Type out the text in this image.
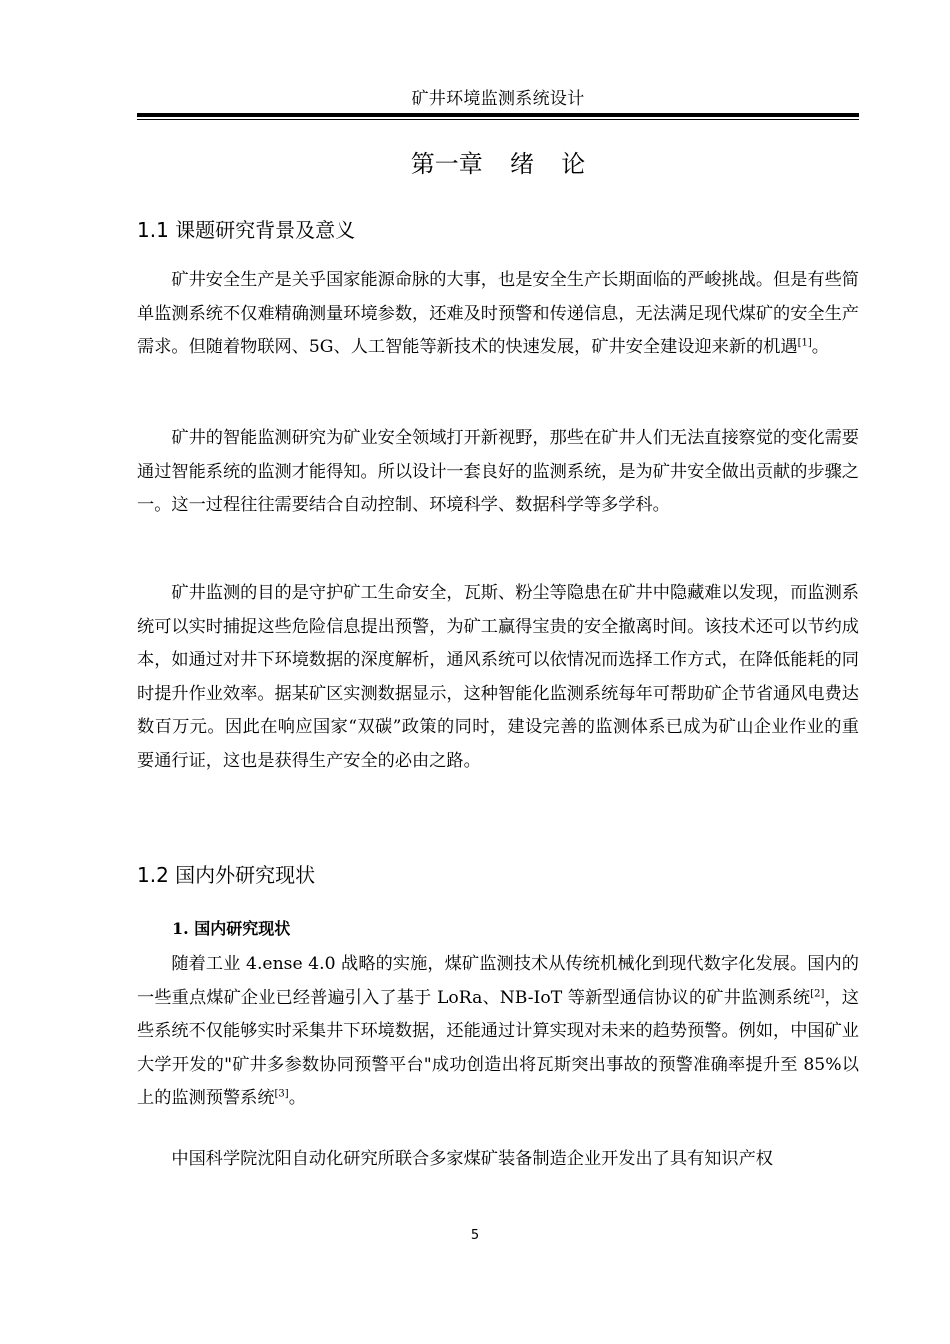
矿井环境监测系统设计
第一章  绪  论
1.1 课题研究背景及意义

矿井安全生产是关乎国家能源命脉的大事，也是安全生产长期面临的严峻挑战。但是有些简单监测系统不仅难精确测量环境参数，还难及时预警和传递信息，无法满足现代煤矿的安全生产需求。但随着物联网、5G、人工智能等新技术的快速发展，矿井安全建设迎来新的机遇[1]。

矿井的智能监测研究为矿业安全领域打开新视野，那些在矿井人们无法直接察觉的变化需要通过智能系统的监测才能得知。所以设计一套良好的监测系统，是为矿井安全做出贡献的步骤之一。这一过程往往需要结合自动控制、环境科学、数据科学等多学科。

矿井监测的目的是守护矿工生命安全，瓦斯、粉尘等隐患在矿井中隐藏难以发现，而监测系统可以实时捕捉这些危险信息提出预警，为矿工赢得宝贵的安全撤离时间。该技术还可以节约成本，如通过对井下环境数据的深度解析，通风系统可以依情况而选择工作方式，在降低能耗的同时提升作业效率。据某矿区实测数据显示，这种智能化监测系统每年可帮助矿企节省通风电费达数百万元。因此在响应国家“双碳”政策的同时，建设完善的监测体系已成为矿山企业作业的重要通行证，这也是获得生产安全的必由之路。

1.2 国内外研究现状
1. 国内研究现状

随着工业 4.ense 4.0 战略的实施，煤矿监测技术从传统机械化到现代数字化发展。国内的一些重点煤矿企业已经普遍引入了基于 LoRa、NB-IoT 等新型通信协议的矿井监测系统[2]，这些系统不仅能够实时采集井下环境数据，还能通过计算实现对未来的趋势预警。例如，中国矿业大学开发的"矿井多参数协同预警平台"成功创造出将瓦斯突出事故的预警准确率提升至 85%以上的监测预警系统[3]。

中国科学院沈阳自动化研究所联合多家煤矿装备制造企业开发出了具有知识产权

5
